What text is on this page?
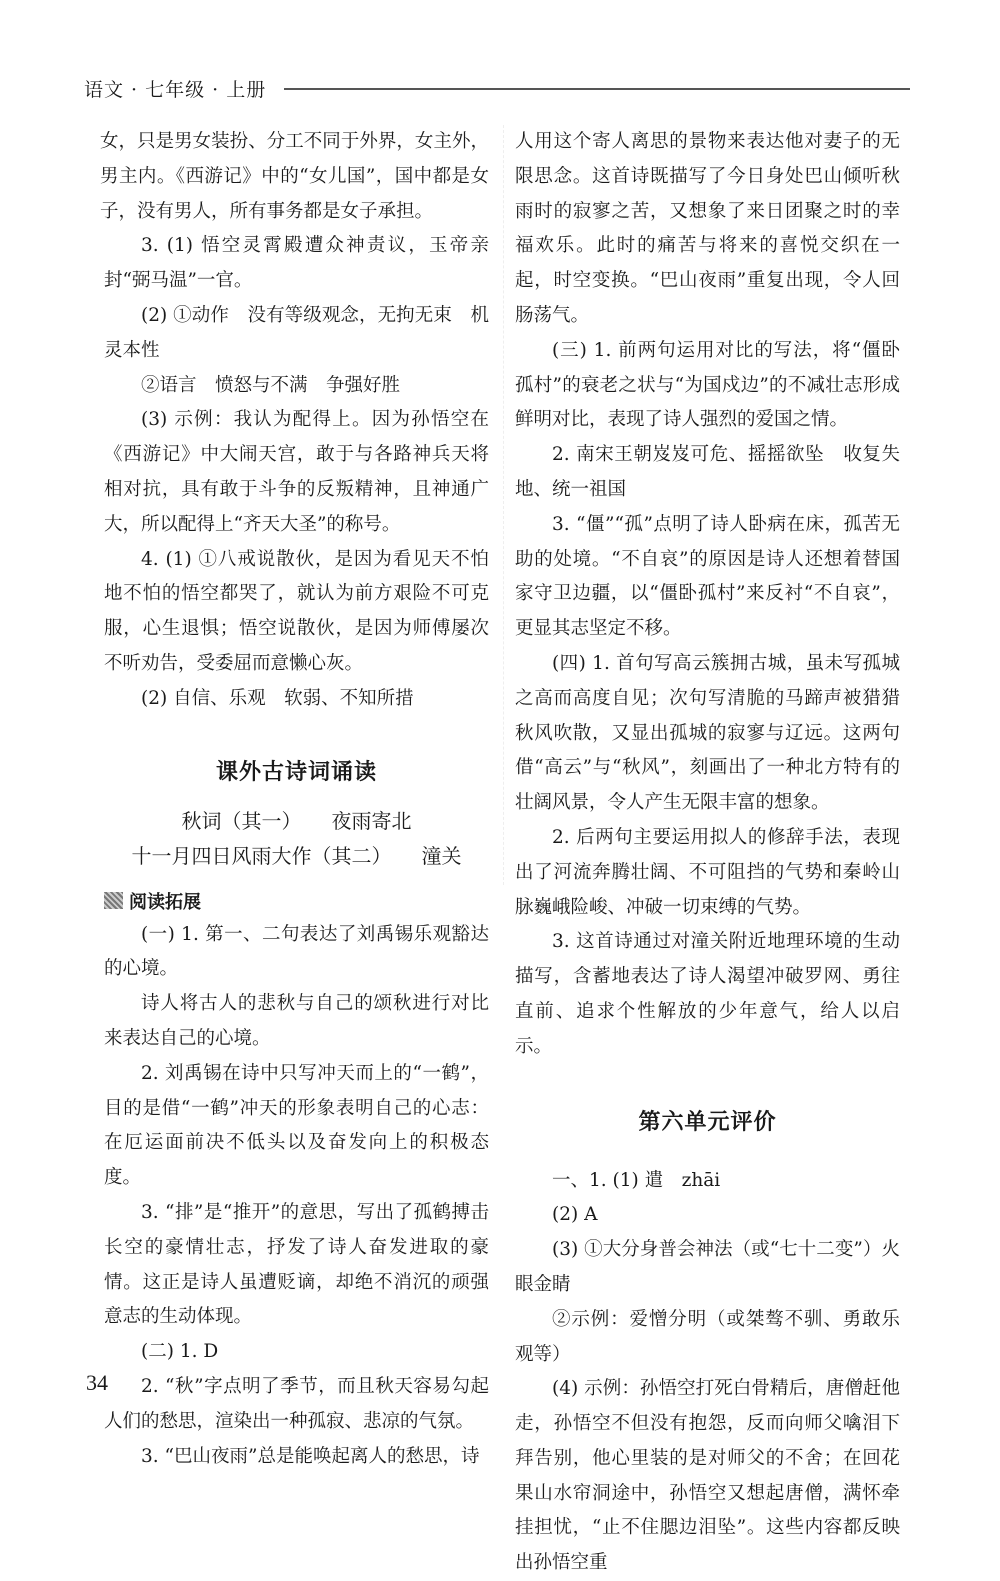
语文 · 七年级 · 上册

女，只是男女装扮、分工不同于外界，女主外，男主内。《西游记》中的“女儿国”，国中都是女子，没有男人，所有事务都是女子承担。

3. (1) 悟空灵霄殿遭众神责议，玉帝亲封“弼马温”一官。

(2) ①动作　没有等级观念，无拘无束　机灵本性

②语言　愤怒与不满　争强好胜

(3) 示例：我认为配得上。因为孙悟空在《西游记》中大闹天宫，敢于与各路神兵天将相对抗，具有敢于斗争的反叛精神，且神通广大，所以配得上“齐天大圣”的称号。

4. (1) ①八戒说散伙，是因为看见天不怕地不怕的悟空都哭了，就认为前方艰险不可克服，心生退惧；悟空说散伙，是因为师傅屡次不听劝告，受委屈而意懒心灰。

(2) 自信、乐观　软弱、不知所措

课外古诗词诵读
秋词（其一）　　夜雨寄北
十一月四日风雨大作（其二）　　潼关
阅读拓展

(一) 1. 第一、二句表达了刘禹锡乐观豁达的心境。

诗人将古人的悲秋与自己的颂秋进行对比来表达自己的心境。

2. 刘禹锡在诗中只写冲天而上的“一鹤”，目的是借“一鹤”冲天的形象表明自己的心志：在厄运面前决不低头以及奋发向上的积极态度。

3. “排”是“推开”的意思，写出了孤鹤搏击长空的豪情壮志，抒发了诗人奋发进取的豪情。这正是诗人虽遭贬谪，却绝不消沉的顽强意志的生动体现。

(二) 1. D

2. “秋”字点明了季节，而且秋天容易勾起人们的愁思，渲染出一种孤寂、悲凉的气氛。

3. “巴山夜雨”总是能唤起离人的愁思，诗

人用这个寄人离思的景物来表达他对妻子的无限思念。这首诗既描写了今日身处巴山倾听秋雨时的寂寥之苦，又想象了来日团聚之时的幸福欢乐。此时的痛苦与将来的喜悦交织在一起，时空变换。“巴山夜雨”重复出现，令人回肠荡气。

(三) 1. 前两句运用对比的写法，将“僵卧孤村”的衰老之状与“为国戍边”的不减壮志形成鲜明对比，表现了诗人强烈的爱国之情。

2. 南宋王朝岌岌可危、摇摇欲坠　收复失地、统一祖国

3. “僵”“孤”点明了诗人卧病在床，孤苦无助的处境。“不自哀”的原因是诗人还想着替国家守卫边疆，以“僵卧孤村”来反衬“不自哀”，更显其志坚定不移。

(四) 1. 首句写高云簇拥古城，虽未写孤城之高而高度自见；次句写清脆的马蹄声被猎猎秋风吹散，又显出孤城的寂寥与辽远。这两句借“高云”与“秋风”，刻画出了一种北方特有的壮阔风景，令人产生无限丰富的想象。

2. 后两句主要运用拟人的修辞手法，表现出了河流奔腾壮阔、不可阻挡的气势和秦岭山脉巍峨险峻、冲破一切束缚的气势。

3. 这首诗通过对潼关附近地理环境的生动描写，含蓄地表达了诗人渴望冲破罗网、勇往直前、追求个性解放的少年意气，给人以启示。

第六单元评价

一、1. (1) 遣　zhāi

(2) A

(3) ①大分身普会神法（或“七十二变”）火眼金睛

②示例：爱憎分明（或桀骜不驯、勇敢乐观等）

(4) 示例：孙悟空打死白骨精后，唐僧赶他走，孙悟空不但没有抱怨，反而向师父噙泪下拜告别，他心里装的是对师父的不舍；在回花果山水帘洞途中，孙悟空又想起唐僧，满怀牵挂担忧，“止不住腮边泪坠”。这些内容都反映出孙悟空重

34
